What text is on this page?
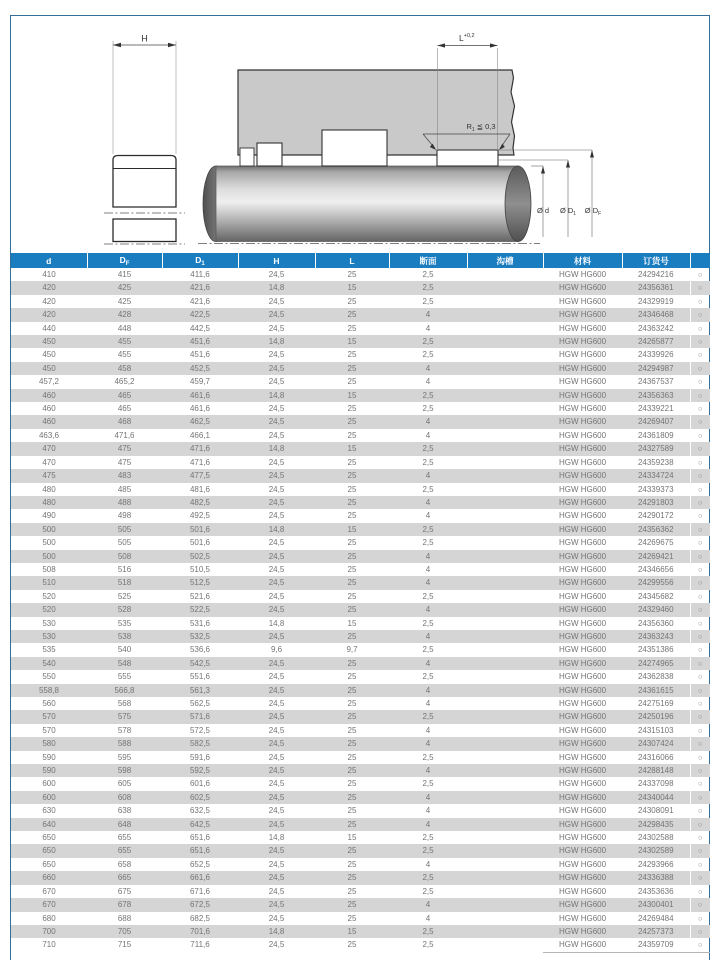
H	$L^{+0,2}$
$R_1$ ≦ 0,3
Ø d Ø $D_1$ Ø $D_F$
d	$D_F$	$D_1$	H	L	断面	沟槽	材料	订货号	
410	415	411,6	24,5	25	2,5		HGW HG600	24294216	○
420	425	421,6	14,8	15	2,5		HGW HG600	24356361	○
420	425	421,6	24,5	25	2,5		HGW HG600	24329919	○
420	428	422,5	24,5	25	4		HGW HG600	24346468	○
440	448	442,5	24,5	25	4		HGW HG600	24363242	○
450	455	451,6	14,8	15	2,5		HGW HG600	24265877	○
450	455	451,6	24,5	25	2,5		HGW HG600	24339926	○
450	458	452,5	24,5	25	4		HGW HG600	24294987	○
457,2	465,2	459,7	24,5	25	4		HGW HG600	24367537	○
460	465	461,6	14,8	15	2,5		HGW HG600	24356363	○
460	465	461,6	24,5	25	2,5		HGW HG600	24339221	○
460	468	462,5	24,5	25	4		HGW HG600	24269407	○
463,6	471,6	466,1	24,5	25	4		HGW HG600	24361809	○
470	475	471,6	14,8	15	2,5		HGW HG600	24327589	○
470	475	471,6	24,5	25	2,5		HGW HG600	24359238	○
475	483	477,5	24,5	25	4		HGW HG600	24334724	○
480	485	481,6	24,5	25	2,5		HGW HG600	24339373	○
480	488	482,5	24,5	25	4		HGW HG600	24291803	○
490	498	492,5	24,5	25	4		HGW HG600	24290172	○
500	505	501,6	14,8	15	2,5		HGW HG600	24356362	○
500	505	501,6	24,5	25	2,5		HGW HG600	24269675	○
500	508	502,5	24,5	25	4		HGW HG600	24269421	○
508	516	510,5	24,5	25	4		HGW HG600	24346656	○
510	518	512,5	24,5	25	4		HGW HG600	24299556	○
520	525	521,6	24,5	25	2,5		HGW HG600	24345682	○
520	528	522,5	24,5	25	4		HGW HG600	24329460	○
530	535	531,6	14,8	15	2,5		HGW HG600	24356360	○
530	538	532,5	24,5	25	4		HGW HG600	24363243	○
535	540	536,6	9,6	9,7	2,5		HGW HG600	24351386	○
540	548	542,5	24,5	25	4		HGW HG600	24274965	○
550	555	551,6	24,5	25	2,5		HGW HG600	24362838	○
558,8	566,8	561,3	24,5	25	4		HGW HG600	24361615	○
560	568	562,5	24,5	25	4		HGW HG600	24275169	○
570	575	571,6	24,5	25	2,5		HGW HG600	24250196	○
570	578	572,5	24,5	25	4		HGW HG600	24315103	○
580	588	582,5	24,5	25	4		HGW HG600	24307424	○
590	595	591,6	24,5	25	2,5		HGW HG600	24316066	○
590	598	592,5	24,5	25	4		HGW HG600	24288148	○
600	605	601,6	24,5	25	2,5		HGW HG600	24337098	○
600	608	602,5	24,5	25	4		HGW HG600	24340044	○
630	638	632,5	24,5	25	4		HGW HG600	24308091	○
640	648	642,5	24,5	25	4		HGW HG600	24298435	○
650	655	651,6	14,8	15	2,5		HGW HG600	24302588	○
650	655	651,6	24,5	25	2,5		HGW HG600	24302589	○
650	658	652,5	24,5	25	4		HGW HG600	24293966	○
660	665	661,6	24,5	25	2,5		HGW HG600	24336388	○
670	675	671,6	24,5	25	2,5		HGW HG600	24353636	○
670	678	672,5	24,5	25	4		HGW HG600	24300401	○
680	688	682,5	24,5	25	4		HGW HG600	24269484	○
700	705	701,6	14,8	15	2,5		HGW HG600	24257373	○
710	715	711,6	24,5	25	2,5		HGW HG600	24359709	○
